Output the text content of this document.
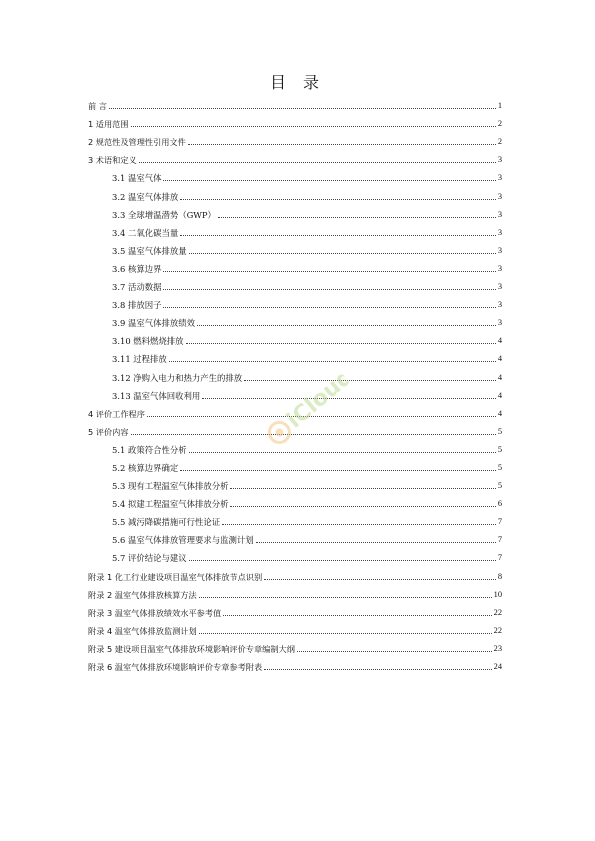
目 录
前 言	1
1 适用范围	2
2 规范性及管理性引用文件	2
3 术语和定义	3
3.1 温室气体	3
3.2 温室气体排放	3
3.3 全球增温潜势（GWP）	3
3.4 二氧化碳当量	3
3.5 温室气体排放量	3
3.6 核算边界	3
3.7 活动数据	3
3.8 排放因子	3
3.9 温室气体排放绩效	3
3.10 燃料燃烧排放	4
3.11 过程排放	4
3.12 净购入电力和热力产生的排放	4
3.13 温室气体回收利用	4
4 评价工作程序	4
5 评价内容	5
5.1 政策符合性分析	5
5.2 核算边界确定	5
5.3 现有工程温室气体排放分析	5
5.4 拟建工程温室气体排放分析	6
5.5 减污降碳措施可行性论证	7
5.6 温室气体排放管理要求与监测计划	7
5.7 评价结论与建议	7
附录 1 化工行业建设项目温室气体排放节点识别	8
附录 2 温室气体排放核算方法	10
附录 3 温室气体排放绩效水平参考值	22
附录 4 温室气体排放监测计划	22
附录 5 建设项目温室气体排放环境影响评价专章编制大纲	23
附录 6 温室气体排放环境影响评价专章参考附表	24
iCloud
